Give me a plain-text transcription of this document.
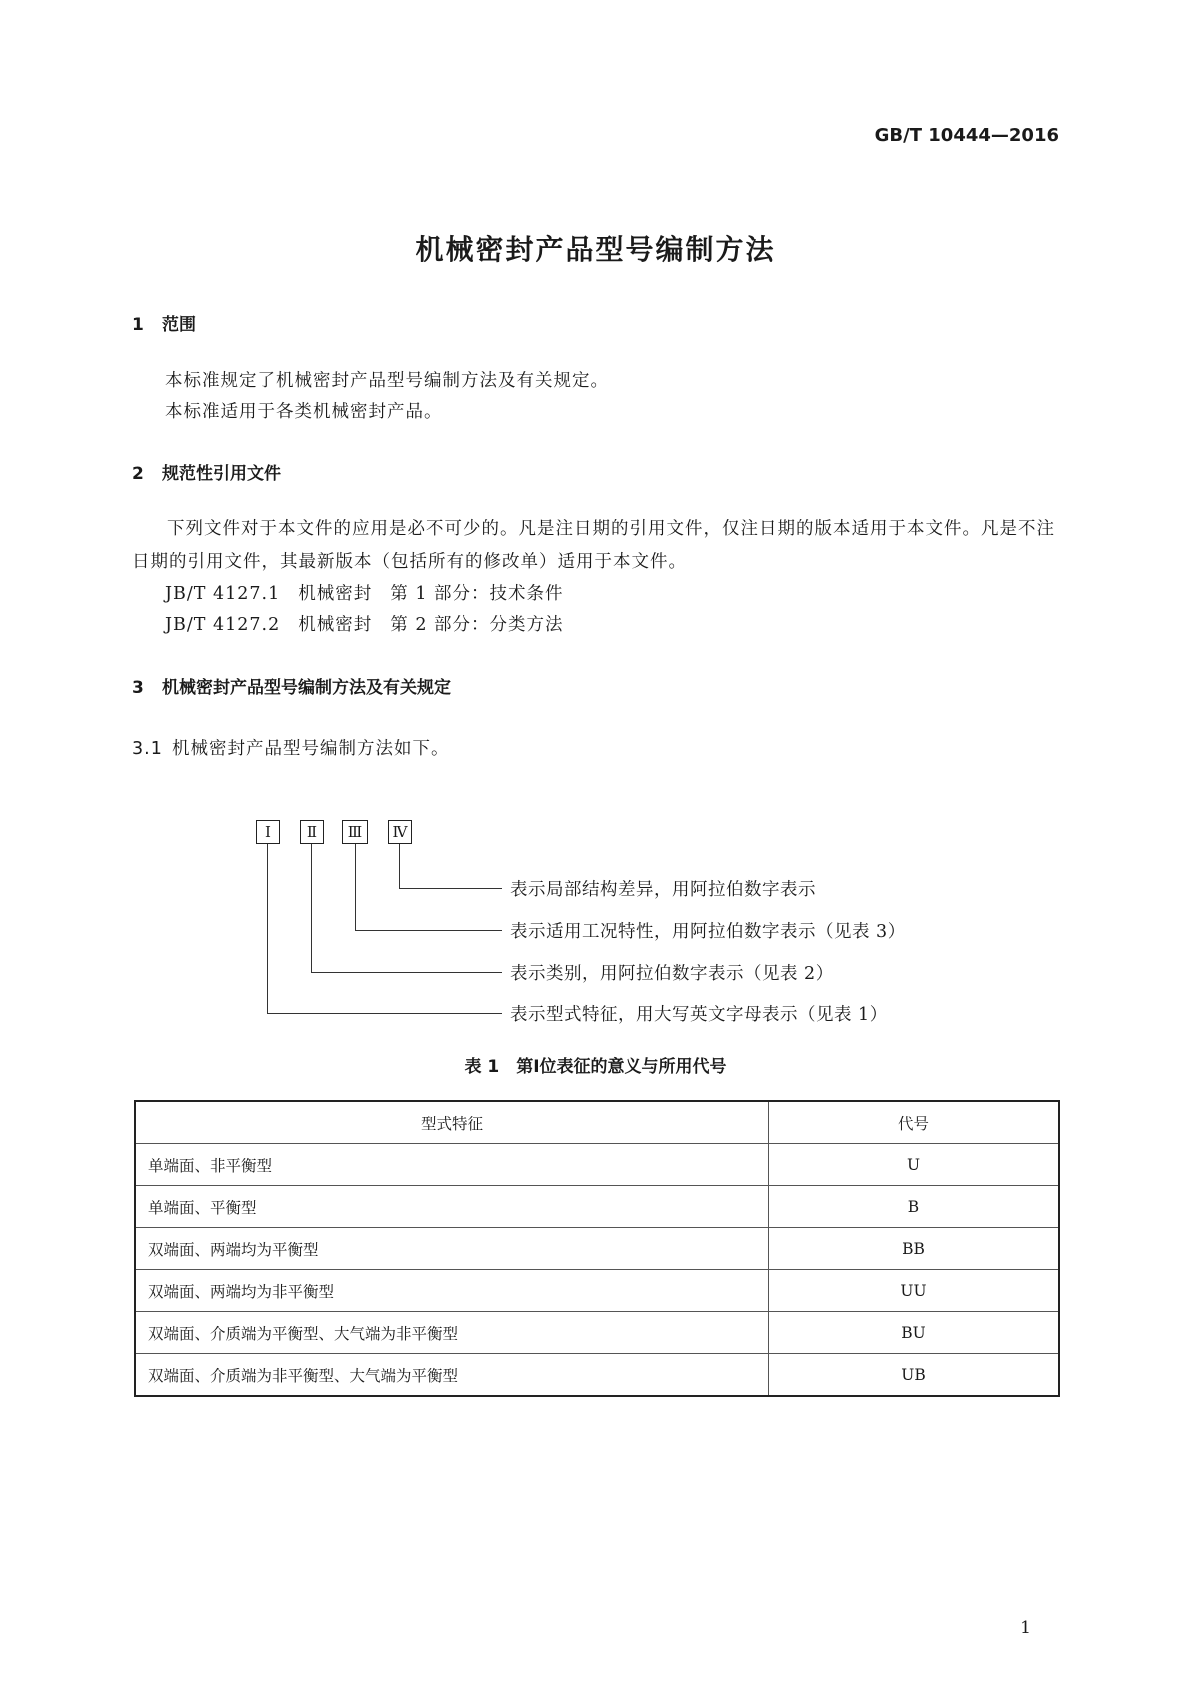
GB/T 10444—2016
机械密封产品型号编制方法
1 范围
本标准规定了机械密封产品型号编制方法及有关规定。
本标准适用于各类机械密封产品。
2 规范性引用文件
下列文件对于本文件的应用是必不可少的。凡是注日期的引用文件，仅注日期的版本适用于本文件。凡是不注日期的引用文件，其最新版本（包括所有的修改单）适用于本文件。
JB/T 4127.1 机械密封 第 1 部分：技术条件
JB/T 4127.2 机械密封 第 2 部分：分类方法
3 机械密封产品型号编制方法及有关规定
3.1 机械密封产品型号编制方法如下。
Ⅰ	Ⅱ	Ⅲ	Ⅳ
表示局部结构差异，用阿拉伯数字表示
表示适用工况特性，用阿拉伯数字表示（见表 3）
表示类别，用阿拉伯数字表示（见表 2）
表示型式特征，用大写英文字母表示（见表 1）
表 1　第Ⅰ位表征的意义与所用代号
型式特征	代号
单端面、非平衡型	U
单端面、平衡型	B
双端面、两端均为平衡型	BB
双端面、两端均为非平衡型	UU
双端面、介质端为平衡型、大气端为非平衡型	BU
双端面、介质端为非平衡型、大气端为平衡型	UB
1
